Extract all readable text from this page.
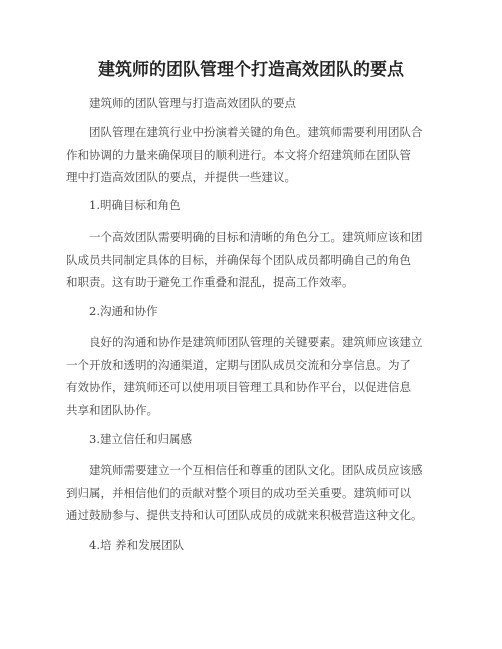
建筑师的团队管理个打造高效团队的要点
建筑师的团队管理与打造高效团队的要点
团队管理在建筑行业中扮演着关键的角色。建筑师需要利用团队合
作和协调的力量来确保项目的顺利进行。本文将介绍建筑师在团队管
理中打造高效团队的要点，并提供一些建议。
1.明确目标和角色
一个高效团队需要明确的目标和清晰的角色分工。建筑师应该和团
队成员共同制定具体的目标，并确保每个团队成员都明确自己的角色
和职责。这有助于避免工作重叠和混乱，提高工作效率。
2.沟通和协作
良好的沟通和协作是建筑师团队管理的关键要素。建筑师应该建立
一个开放和透明的沟通渠道，定期与团队成员交流和分享信息。为了
有效协作，建筑师还可以使用项目管理工具和协作平台，以促进信息
共享和团队协作。
3.建立信任和归属感
建筑师需要建立一个互相信任和尊重的团队文化。团队成员应该感
到归属，并相信他们的贡献对整个项目的成功至关重要。建筑师可以
通过鼓励参与、提供支持和认可团队成员的成就来积极营造这种文化。
4.培 养和发展团队
